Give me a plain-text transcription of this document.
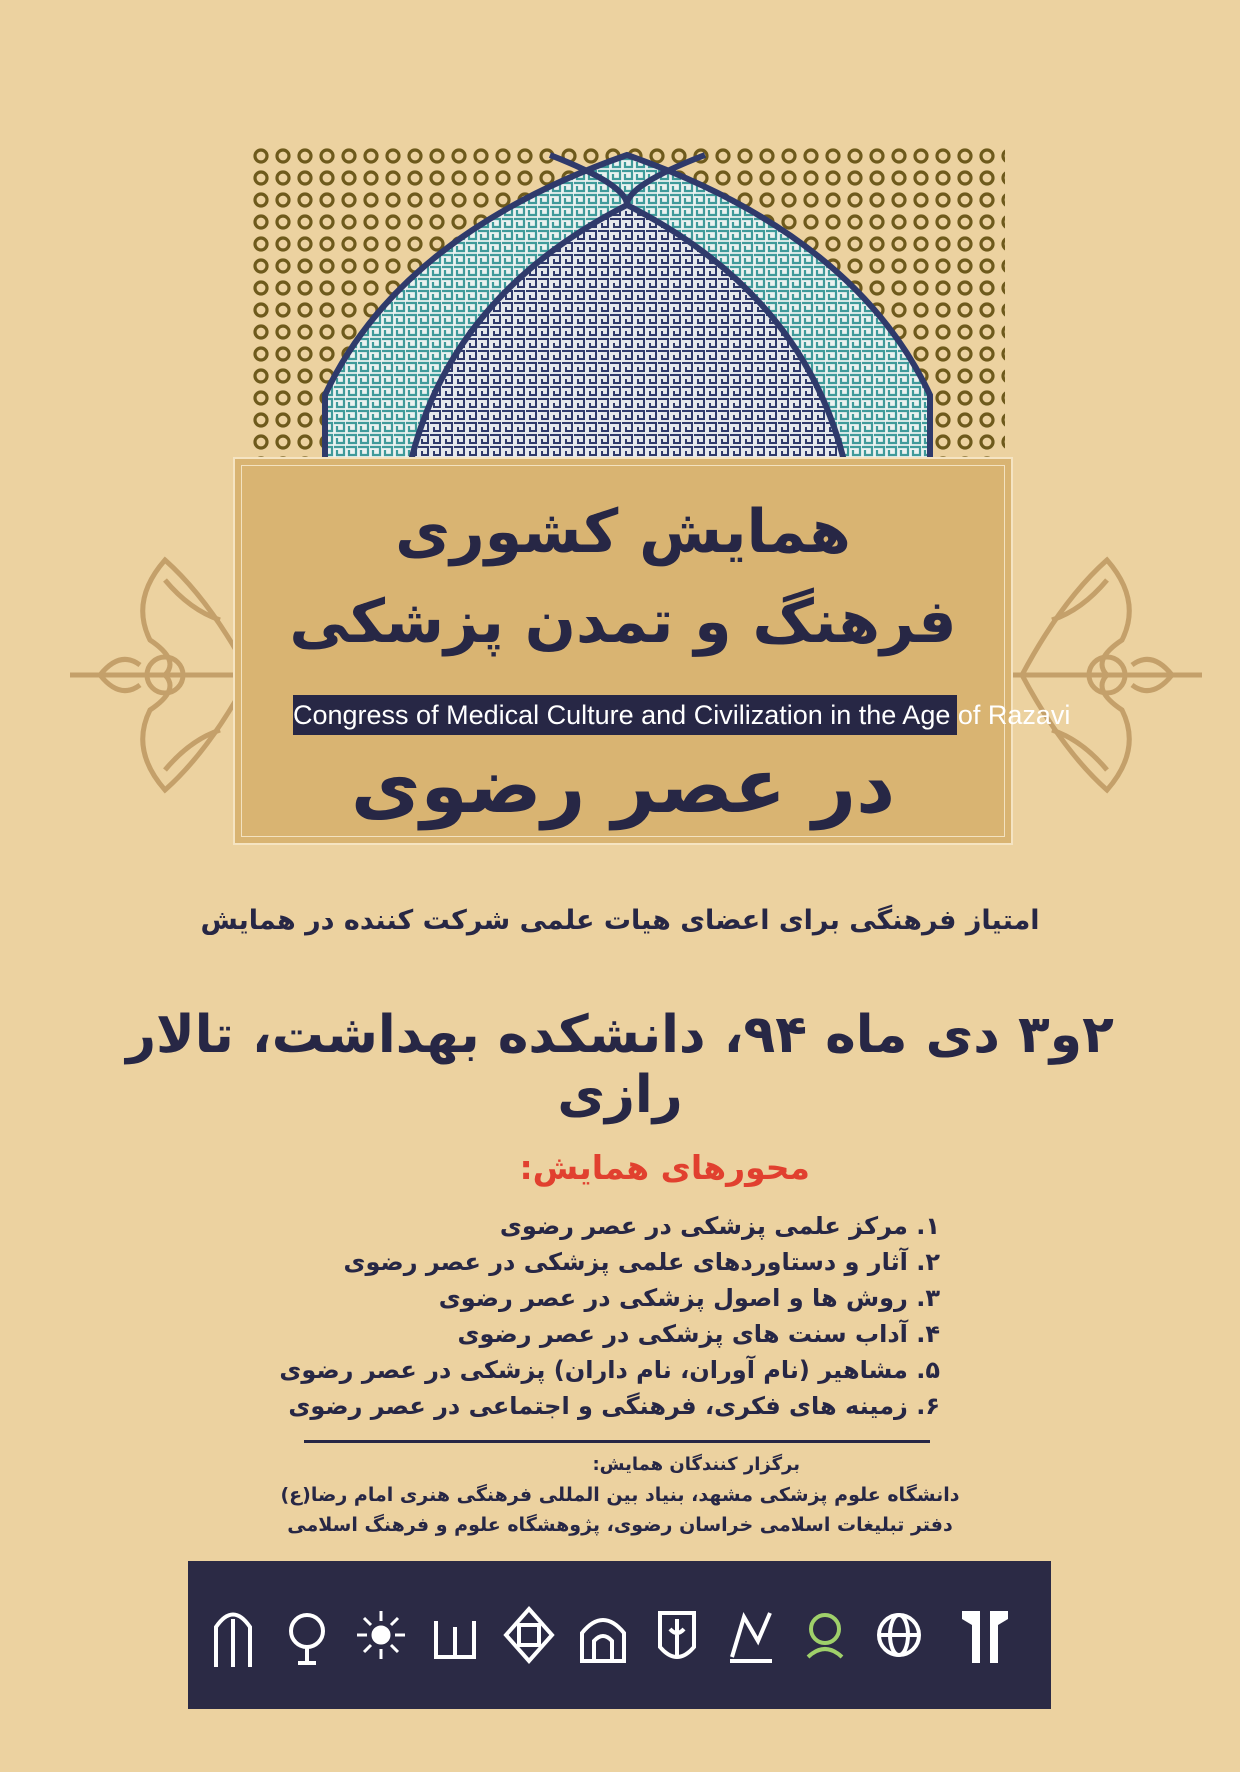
همایش کشوری
فرهنگ و تمدن پزشکی
Congress of Medical Culture and Civilization in the Age of Razavi
در عصر رضوی
امتیاز فرهنگی برای اعضای هیات علمی شرکت کننده در همایش
۲و۳ دی ماه ۹۴، دانشکده بهداشت، تالار رازی
محورهای همایش:
۱. مرکز علمی پزشکی در عصر رضوی
۲. آثار و دستاوردهای علمی پزشکی در عصر رضوی
۳. روش ها و اصول پزشکی در عصر رضوی
۴. آداب سنت های پزشکی در عصر رضوی
۵. مشاهیر (نام آوران، نام داران) پزشکی در عصر رضوی
۶. زمینه های فکری، فرهنگی و اجتماعی در عصر رضوی
برگزار کنندگان همایش:
دانشگاه علوم پزشکی مشهد، بنیاد بین المللی فرهنگی هنری امام رضا(ع)
دفتر تبلیغات اسلامی خراسان رضوی، پژوهشگاه علوم و فرهنگ اسلامی
